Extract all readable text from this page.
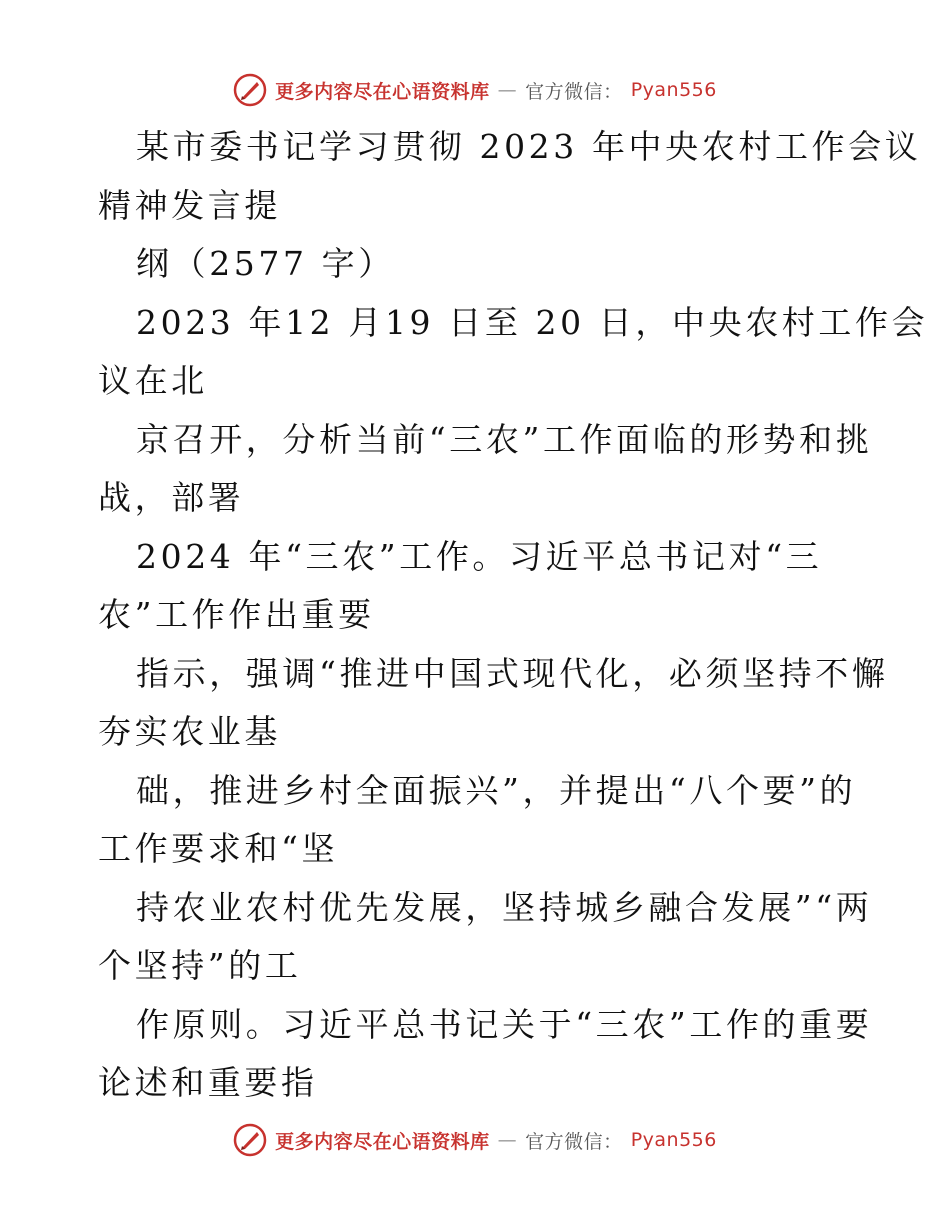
更多内容尽在心语资料库 — 官方微信： Pyan556
某市委书记学习贯彻 2023 年中央农村工作会议
精神发言提
纲（2577 字）
2023 年12 月19 日至 20 日，中央农村工作会
议在北
京召开，分析当前“三农”工作面临的形势和挑
战，部署
2024 年“三农”工作。习近平总书记对“三
农”工作作出重要
指示，强调“推进中国式现代化，必须坚持不懈
夯实农业基
础，推进乡村全面振兴”，并提出“八个要”的
工作要求和“坚
持农业农村优先发展，坚持城乡融合发展”“两
个坚持”的工
作原则。习近平总书记关于“三农”工作的重要
论述和重要指
更多内容尽在心语资料库 — 官方微信： Pyan556
